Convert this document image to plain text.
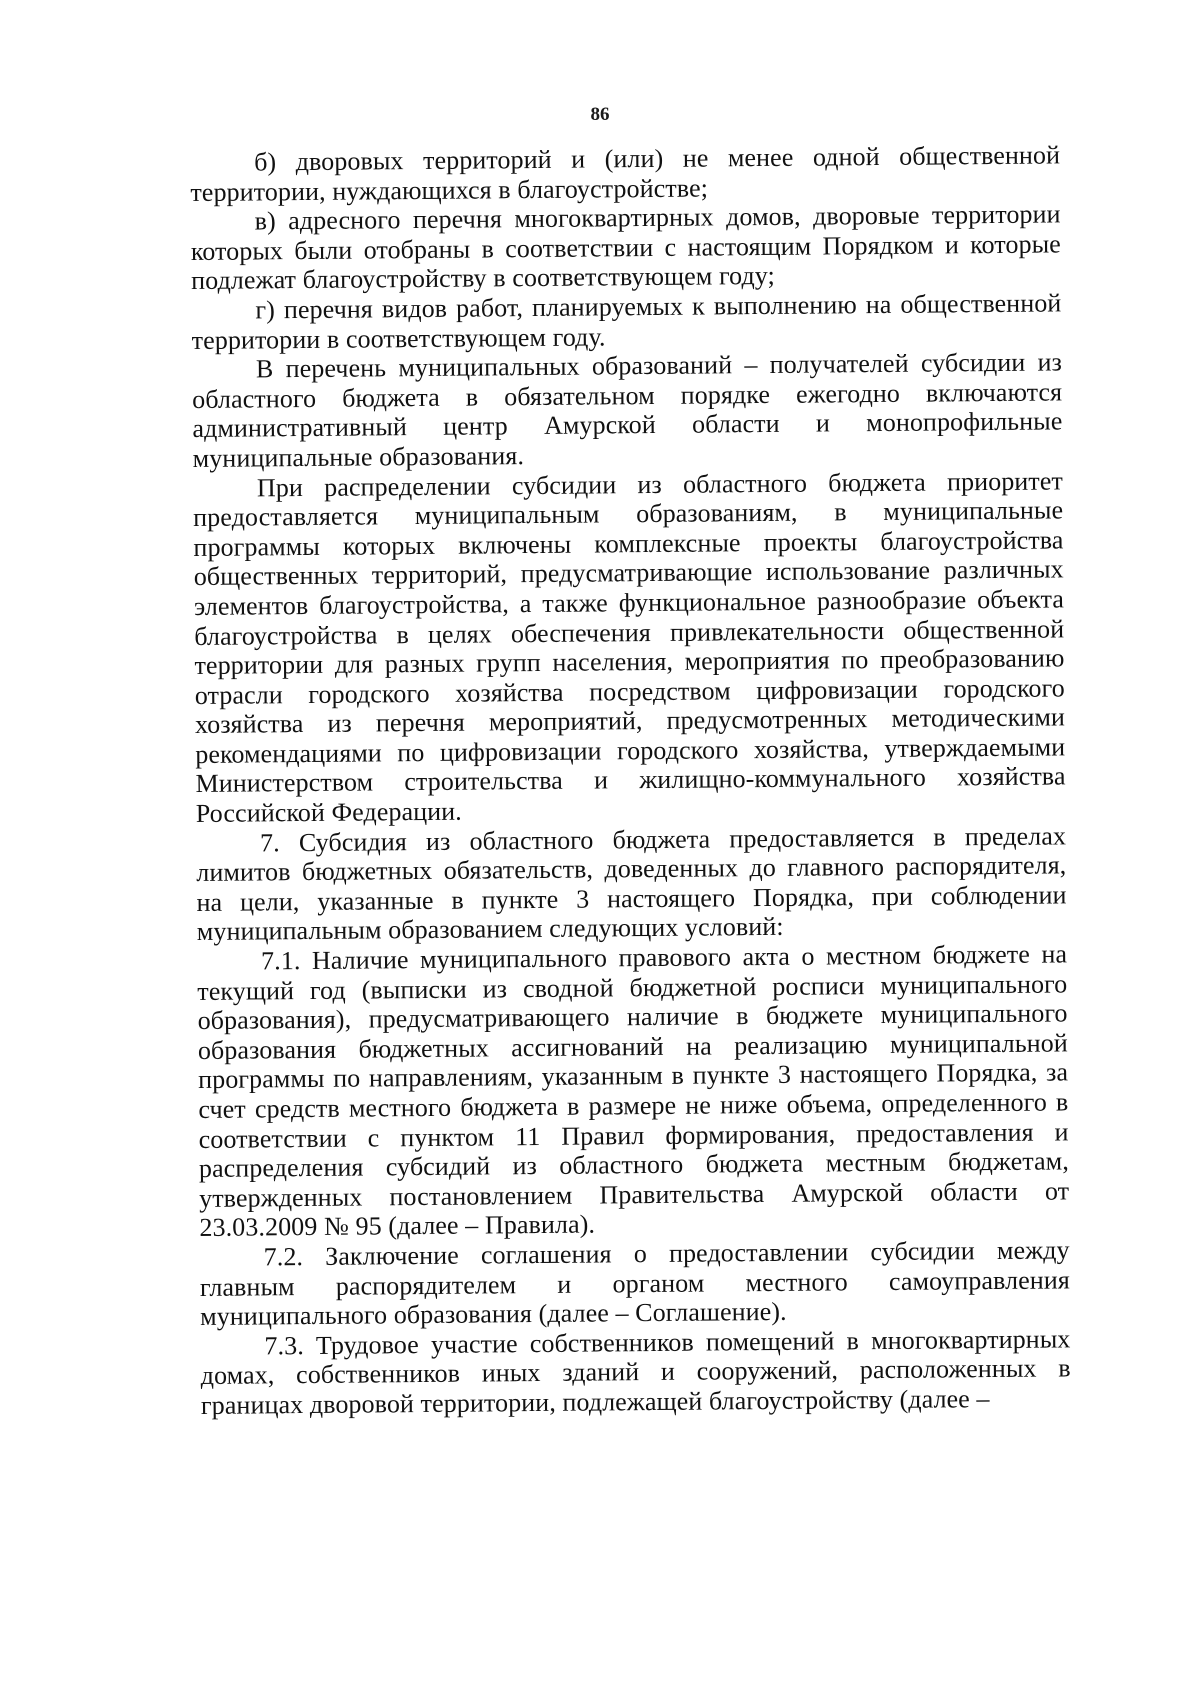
86

б) дворовых территорий и (или) не менее одной общественной территории, нуждающихся в благоустройстве;

в) адресного перечня многоквартирных домов, дворовые территории которых были отобраны в соответствии с настоящим Порядком и которые подлежат благоустройству в соответствующем году;

г) перечня видов работ, планируемых к выполнению на общественной территории в соответствующем году.

В перечень муниципальных образований – получателей субсидии из областного бюджета в обязательном порядке ежегодно включаются административный центр Амурской области и монопрофильные муниципальные образования.

При распределении субсидии из областного бюджета приоритет предоставляется муниципальным образованиям, в муниципальные программы которых включены комплексные проекты благоустройства общественных территорий, предусматривающие использование различных элементов благоустройства, а также функциональное разнообразие объекта благоустройства в целях обеспечения привлекательности общественной территории для разных групп населения, мероприятия по преобразованию отрасли городского хозяйства посредством цифровизации городского хозяйства из перечня мероприятий, предусмотренных методическими рекомендациями по цифровизации городского хозяйства, утверждаемыми Министерством строительства и жилищно-коммунального хозяйства Российской Федерации.

7. Субсидия из областного бюджета предоставляется в пределах лимитов бюджетных обязательств, доведенных до главного распорядителя, на цели, указанные в пункте 3 настоящего Порядка, при соблюдении муниципальным образованием следующих условий:

7.1. Наличие муниципального правового акта о местном бюджете на текущий год (выписки из сводной бюджетной росписи муниципального образования), предусматривающего наличие в бюджете муниципального образования бюджетных ассигнований на реализацию муниципальной программы по направлениям, указанным в пункте 3 настоящего Порядка, за счет средств местного бюджета в размере не ниже объема, определенного в соответствии с пунктом 11 Правил формирования, предоставления и распределения субсидий из областного бюджета местным бюджетам, утвержденных постановлением Правительства Амурской области от 23.03.2009 № 95 (далее – Правила).

7.2. Заключение соглашения о предоставлении субсидии между главным распорядителем и органом местного самоуправления муниципального образования (далее – Соглашение).

7.3. Трудовое участие собственников помещений в многоквартирных домах, собственников иных зданий и сооружений, расположенных в границах дворовой территории, подлежащей благоустройству (далее –
